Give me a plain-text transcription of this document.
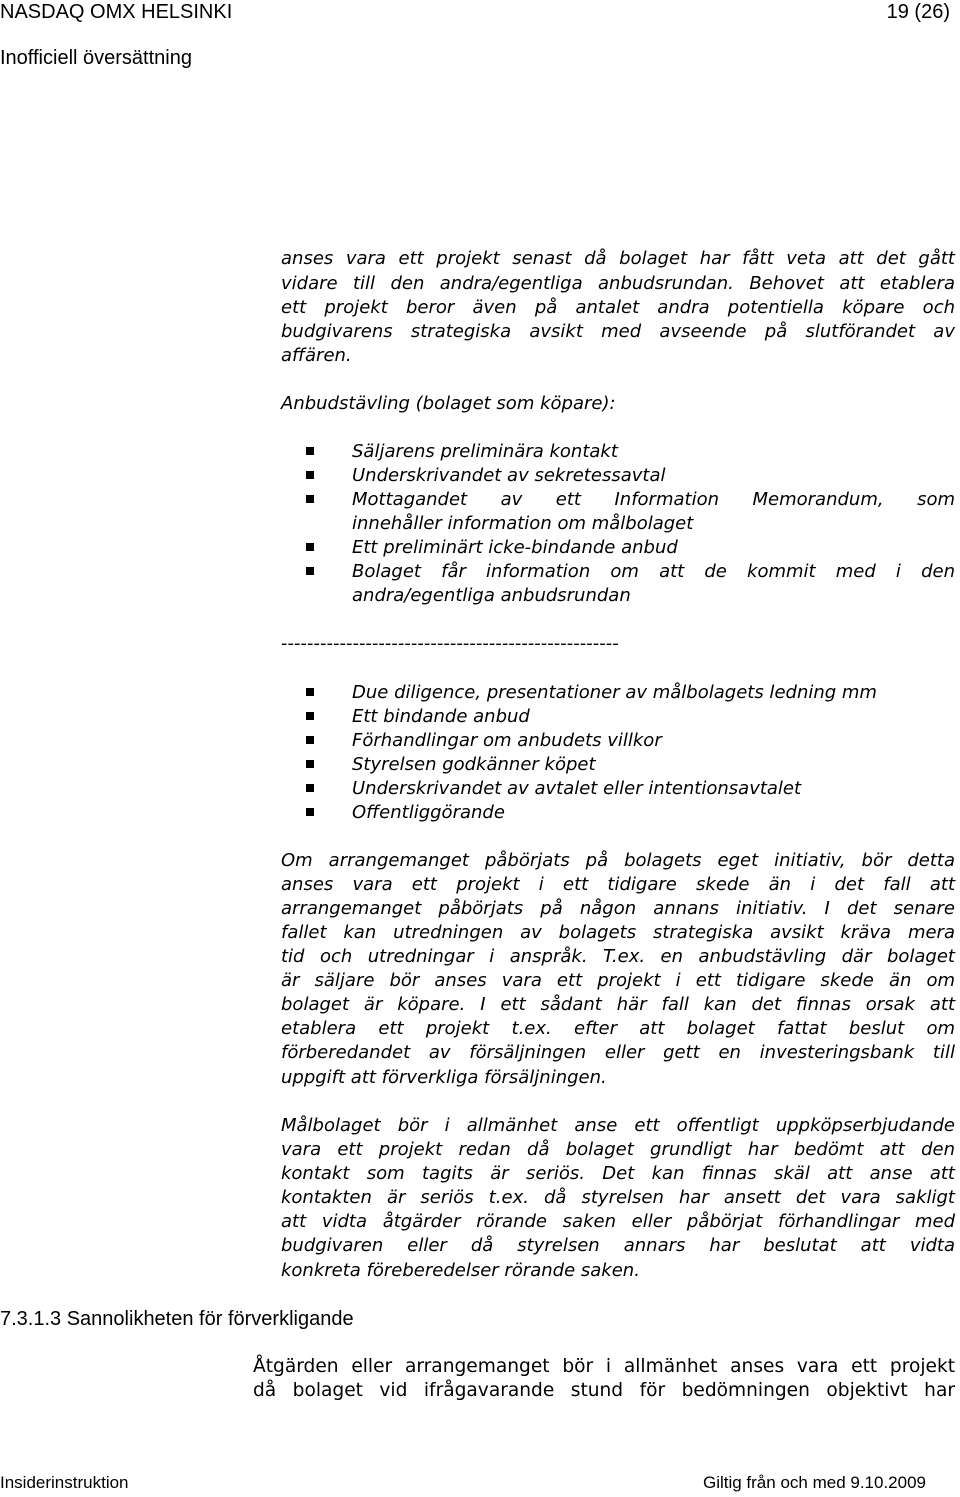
NASDAQ OMX HELSINKI	19 (26)
Inofficiell översättning
anses vara ett projekt senast då bolaget har fått veta att det gått
vidare till den andra/egentliga anbudsrundan. Behovet att etablera
ett projekt beror även på antalet andra potentiella köpare och
budgivarens strategiska avsikt med avseende på slutförandet av
affären.
Anbudstävling (bolaget som köpare):
Säljarens preliminära kontakt
Underskrivandet av sekretessavtal
Mottagandet av ett Information Memorandum, som
innehåller information om målbolaget
Ett preliminärt icke-bindande anbud
Bolaget får information om att de kommit med i den
andra/egentliga anbudsrundan
----------------------------------------------------
Due diligence, presentationer av målbolagets ledning mm
Ett bindande anbud
Förhandlingar om anbudets villkor
Styrelsen godkänner köpet
Underskrivandet av avtalet eller intentionsavtalet
Offentliggörande
Om arrangemanget påbörjats på bolagets eget initiativ, bör detta
anses vara ett projekt i ett tidigare skede än i det fall att
arrangemanget påbörjats på någon annans initiativ. I det senare
fallet kan utredningen av bolagets strategiska avsikt kräva mera
tid och utredningar i anspråk. T.ex. en anbudstävling där bolaget
är säljare bör anses vara ett projekt i ett tidigare skede än om
bolaget är köpare. I ett sådant här fall kan det finnas orsak att
etablera ett projekt t.ex. efter att bolaget fattat beslut om
förberedandet av försäljningen eller gett en investeringsbank till
uppgift att förverkliga försäljningen.
Målbolaget bör i allmänhet anse ett offentligt uppköpserbjudande
vara ett projekt redan då bolaget grundligt har bedömt att den
kontakt som tagits är seriös. Det kan finnas skäl att anse att
kontakten är seriös t.ex. då styrelsen har ansett det vara sakligt
att vidta åtgärder rörande saken eller påbörjat förhandlingar med
budgivaren eller då styrelsen annars har beslutat att vidta
konkreta föreberedelser rörande saken.
7.3.1.3 Sannolikheten för förverkligande
Åtgärden eller arrangemanget bör i allmänhet anses vara ett projekt
då bolaget vid ifrågavarande stund för bedömningen objektivt har
Insiderinstruktion	Giltig från och med 9.10.2009
